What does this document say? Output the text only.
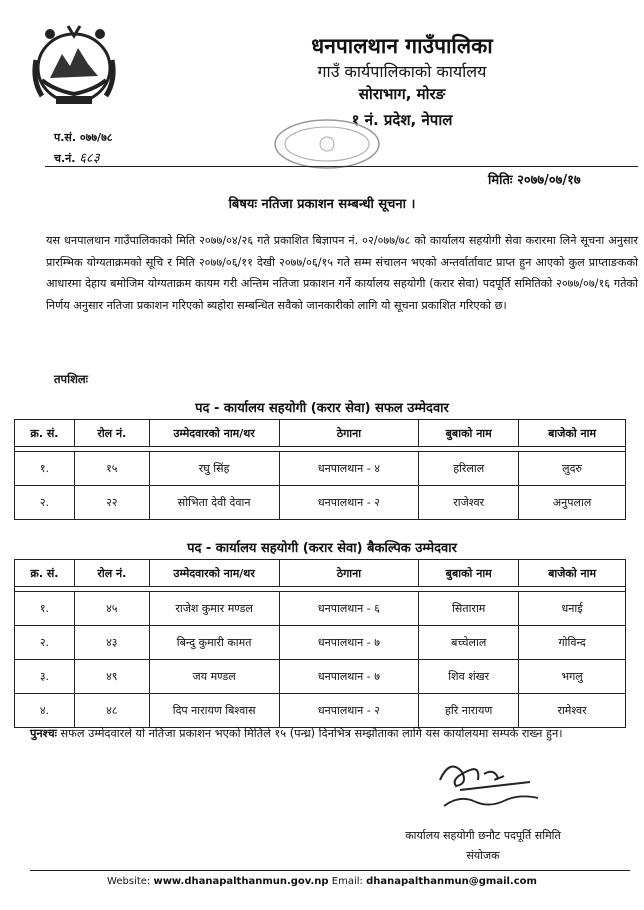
धनपालथान गाउँपालिका
गाउँ कार्यपालिकाको कार्यालय
सोराभाग, मोरङ
१ नं. प्रदेश, नेपाल
प.सं. ०७७/७८
च.नं. ६८३
मितिः २०७७/०७/१७
बिषयः नतिजा प्रकाशन सम्बन्धी सूचना ।
यस धनपालथान गाउँपालिकाको मिति २०७७/०४/२६ गते प्रकाशित बिज्ञापन नं. ०२/०७७/७८ को कार्यालय सहयोगी सेवा करारमा लिने सूचना अनुसार प्रारम्भिक योग्यताक्रमको सूचि र मिति २०७७/०६/११ देखी २०७७/०६/१५ गते सम्म संचालन भएको अन्तर्वार्तावाट प्राप्त हुन आएको कुल प्राप्ताङकको आधारमा देहाय बमोजिम योग्यताक्रम कायम गरी अन्तिम नतिजा प्रकाशन गर्ने कार्यालय सहयोगी (करार सेवा) पदपूर्ति समितिको २०७७/०७/१६ गतेको निर्णय अनुसार नतिजा प्रकाशन गरिएको ब्यहोरा सम्बन्धित सवैको जानकारीको लागि यो सूचना प्रकाशित गरिएको छ।
तपशिलः
पद - कार्यालय सहयोगी (करार सेवा) सफल उम्मेदवार
क्र. सं.	रोल नं.	उम्मेदवारको नाम/थर	ठेगाना	बुबाको नाम	बाजेको नाम

१.	१५	रघु सिंह	धनपालथान - ४	हरिलाल	लुदरु
२.	२२	सोभिता देवी देवान	धनपालथान - २	राजेश्वर	अनुपलाल
पद - कार्यालय सहयोगी (करार सेवा) बैकल्पिक उम्मेदवार
क्र. सं.	रोल नं.	उम्मेदवारको नाम/थर	ठेगाना	बुबाको नाम	बाजेको नाम

१.	४५	राजेश कुमार मण्डल	धनपालथान - ६	सिताराम	धनाई
२.	४३	बिन्दु कुमारी कामत	धनपालथान - ७	बच्चेलाल	गोविन्द
३.	४९	जय मण्डल	धनपालथान - ७	शिव शंखर	भगलु
४.	४८	दिप नारायण बिश्वास	धनपालथान - २	हरि नारायण	रामेश्वर
पुनश्चः सफल उम्मेदवारले यो नतिजा प्रकाशन भएको मितिले १५ (पन्ध्र) दिनभित्र सम्झौताका लागि यस कार्यालयमा सम्पर्क राख्न हुन।
कार्यालय सहयोगी छनौट पदपूर्ति समिति
संयोजक
Website: www.dhanapalthanmun.gov.np Email: dhanapalthanmun@gmail.com
